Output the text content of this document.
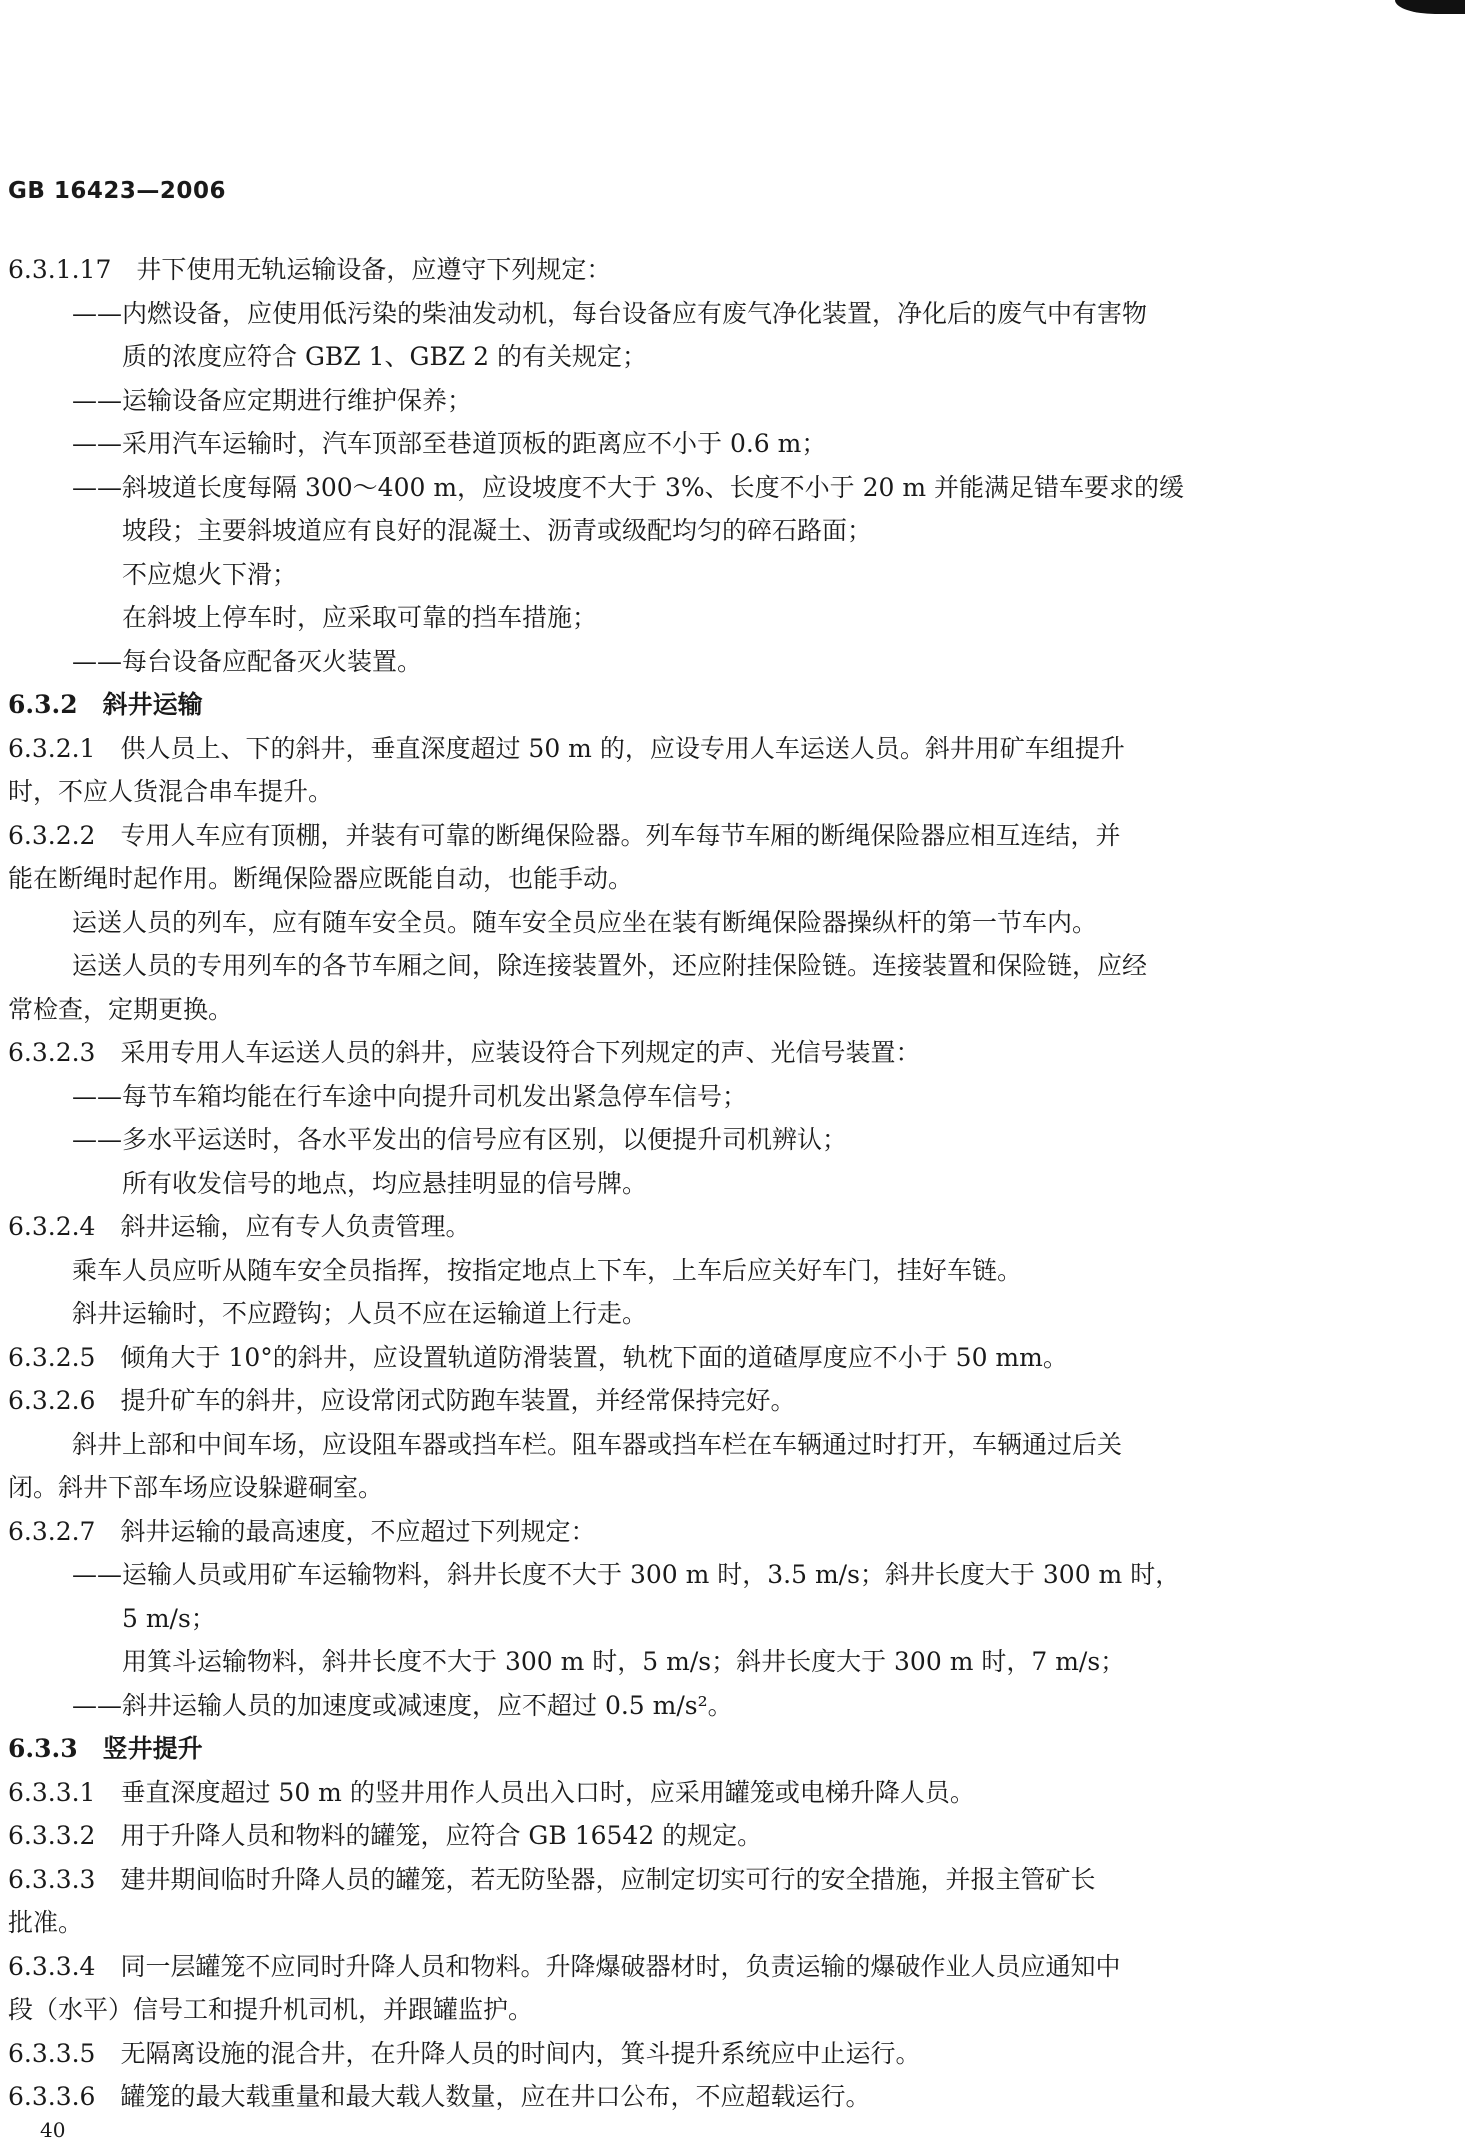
GB 16423—2006
6.3.1.17　井下使用无轨运输设备，应遵守下列规定：
——内燃设备，应使用低污染的柴油发动机，每台设备应有废气净化装置，净化后的废气中有害物
质的浓度应符合 GBZ 1、GBZ 2 的有关规定；
——运输设备应定期进行维护保养；
——采用汽车运输时，汽车顶部至巷道顶板的距离应不小于 0.6 m；
——斜坡道长度每隔 300～400 m，应设坡度不大于 3%、长度不小于 20 m 并能满足错车要求的缓
坡段；主要斜坡道应有良好的混凝土、沥青或级配均匀的碎石路面；
不应熄火下滑；
在斜坡上停车时，应采取可靠的挡车措施；
——每台设备应配备灭火装置。
6.3.2　斜井运输
6.3.2.1　供人员上、下的斜井，垂直深度超过 50 m 的，应设专用人车运送人员。斜井用矿车组提升
时，不应人货混合串车提升。
6.3.2.2　专用人车应有顶棚，并装有可靠的断绳保险器。列车每节车厢的断绳保险器应相互连结，并
能在断绳时起作用。断绳保险器应既能自动，也能手动。
运送人员的列车，应有随车安全员。随车安全员应坐在装有断绳保险器操纵杆的第一节车内。
运送人员的专用列车的各节车厢之间，除连接装置外，还应附挂保险链。连接装置和保险链，应经
常检查，定期更换。
6.3.2.3　采用专用人车运送人员的斜井，应装设符合下列规定的声、光信号装置：
——每节车箱均能在行车途中向提升司机发出紧急停车信号；
——多水平运送时，各水平发出的信号应有区别，以便提升司机辨认；
所有收发信号的地点，均应悬挂明显的信号牌。
6.3.2.4　斜井运输，应有专人负责管理。
乘车人员应听从随车安全员指挥，按指定地点上下车，上车后应关好车门，挂好车链。
斜井运输时，不应蹬钩；人员不应在运输道上行走。
6.3.2.5　倾角大于 10°的斜井，应设置轨道防滑装置，轨枕下面的道碴厚度应不小于 50 mm。
6.3.2.6　提升矿车的斜井，应设常闭式防跑车装置，并经常保持完好。
斜井上部和中间车场，应设阻车器或挡车栏。阻车器或挡车栏在车辆通过时打开，车辆通过后关
闭。斜井下部车场应设躲避硐室。
6.3.2.7　斜井运输的最高速度，不应超过下列规定：
——运输人员或用矿车运输物料，斜井长度不大于 300 m 时，3.5 m/s；斜井长度大于 300 m 时，
5 m/s；
用箕斗运输物料，斜井长度不大于 300 m 时，5 m/s；斜井长度大于 300 m 时，7 m/s；
——斜井运输人员的加速度或减速度，应不超过 0.5 m/s²。
6.3.3　竖井提升
6.3.3.1　垂直深度超过 50 m 的竖井用作人员出入口时，应采用罐笼或电梯升降人员。
6.3.3.2　用于升降人员和物料的罐笼，应符合 GB 16542 的规定。
6.3.3.3　建井期间临时升降人员的罐笼，若无防坠器，应制定切实可行的安全措施，并报主管矿长
批准。
6.3.3.4　同一层罐笼不应同时升降人员和物料。升降爆破器材时，负责运输的爆破作业人员应通知中
段（水平）信号工和提升机司机，并跟罐监护。
6.3.3.5　无隔离设施的混合井，在升降人员的时间内，箕斗提升系统应中止运行。
6.3.3.6　罐笼的最大载重量和最大载人数量，应在井口公布，不应超载运行。
40
